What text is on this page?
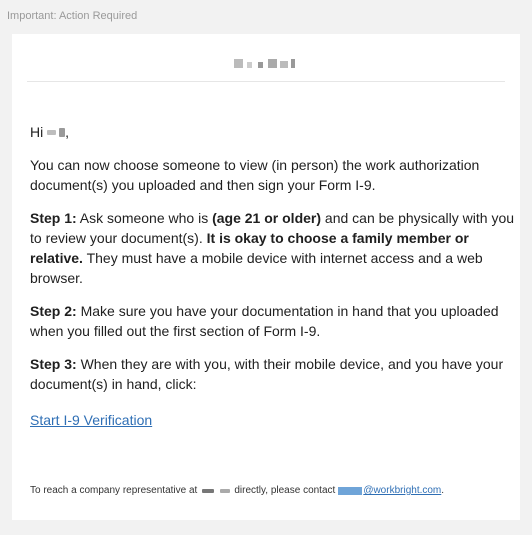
Important: Action Required

Hi
,

You can now choose someone to view (in person) the work authorization document(s) you uploaded and then sign your Form I-9.

Step 1: Ask someone who is (age 21 or older) and can be physically with you to review your document(s). It is okay to choose a family member or relative. They must have a mobile device with internet access and a web browser.

Step 2: Make sure you have your documentation in hand that you uploaded when you filled out the first section of Form I-9.

Step 3: When they are with you, with their mobile device, and you have your document(s) in hand, click:

Start I-9 Verification

To reach a company representative at	directly, please contact	@workbright.com .
